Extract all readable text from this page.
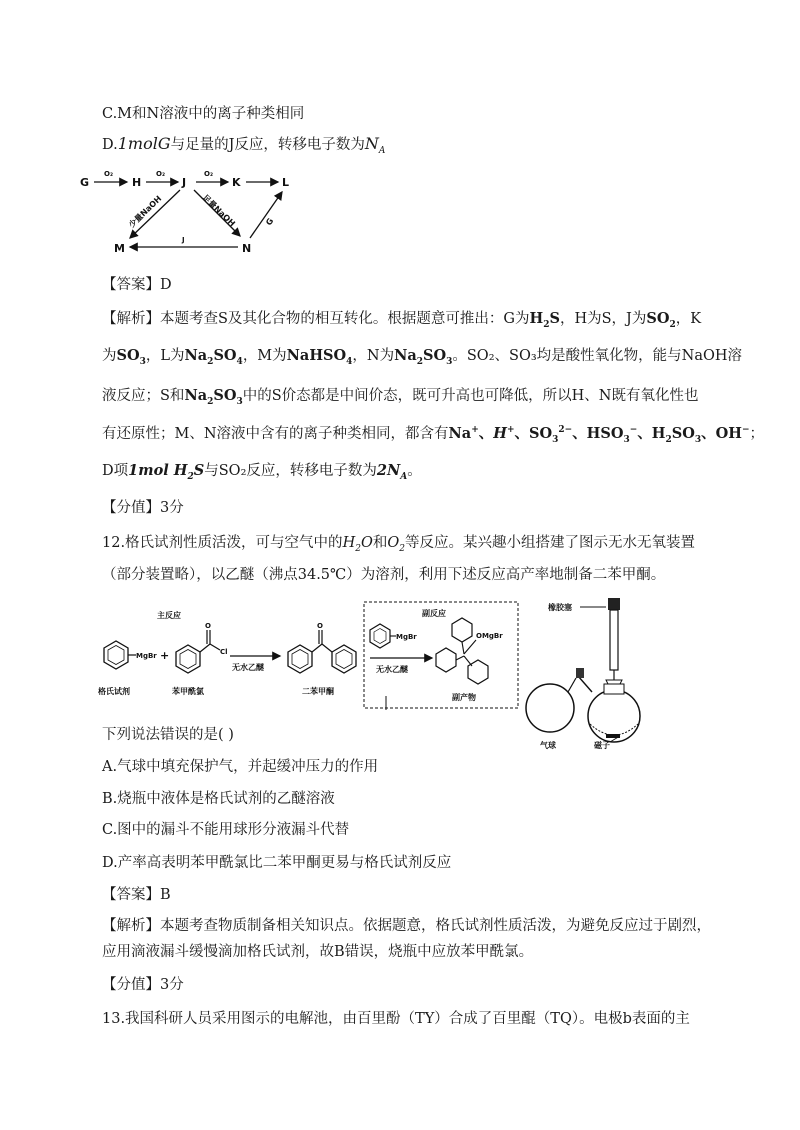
C.M和N溶液中的离子种类相同
D.1molG与足量的J反应，转移电子数为$N_A$
G
O₂
H
O₂
J
O₂
K	L
少量NaOH	足量NaOH	G
M	N
J
【答案】D
【解析】本题考查S及其化合物的相互转化。根据题意可推出：G为$H_2S$，H为S，J为$SO_2$，K
为$SO_3$，L为$Na_2SO_4$，M为NaHSO$_4$，N为$Na_2SO_3$。SO₂、SO₃均是酸性氧化物，能与NaOH溶
液反应；S和$Na_2SO_3$中的S价态都是中间价态，既可升高也可降低，所以H、N既有氧化性也
有还原性；M、N溶液中含有的离子种类相同，都含有Na+、H+、$SO_3^{2-}$、$HSO_3^-$、$H_2SO_3$、OH−；
D项1mol $H_2S$与SO₂反应，转移电子数为$2N_A$。
【分值】3分
12.格氏试剂性质活泼，可与空气中的$H_2O$和$O_2$等反应。某兴趣小组搭建了图示无水无氧装置
（部分装置略），以乙醚（沸点34.5℃）为溶剂，利用下述反应高产率地制备二苯甲酮。
主反应
MgBr +
格氏试剂
O
Cl
苯甲酰氯
无水乙醚
O
二苯甲酮
副反应
MgBr
无水乙醚
OMgBr
副产物
橡胶塞
气球	磁子
下列说法错误的是( )
A.气球中填充保护气，并起缓冲压力的作用
B.烧瓶中液体是格氏试剂的乙醚溶液
C.图中的漏斗不能用球形分液漏斗代替
D.产率高表明苯甲酰氯比二苯甲酮更易与格氏试剂反应
【答案】B
【解析】本题考查物质制备相关知识点。依据题意，格氏试剂性质活泼，为避免反应过于剧烈，
应用滴液漏斗缓慢滴加格氏试剂，故B错误，烧瓶中应放苯甲酰氯。
【分值】3分
13.我国科研人员采用图示的电解池，由百里酚（TY）合成了百里醌（TQ）。电极b表面的主
